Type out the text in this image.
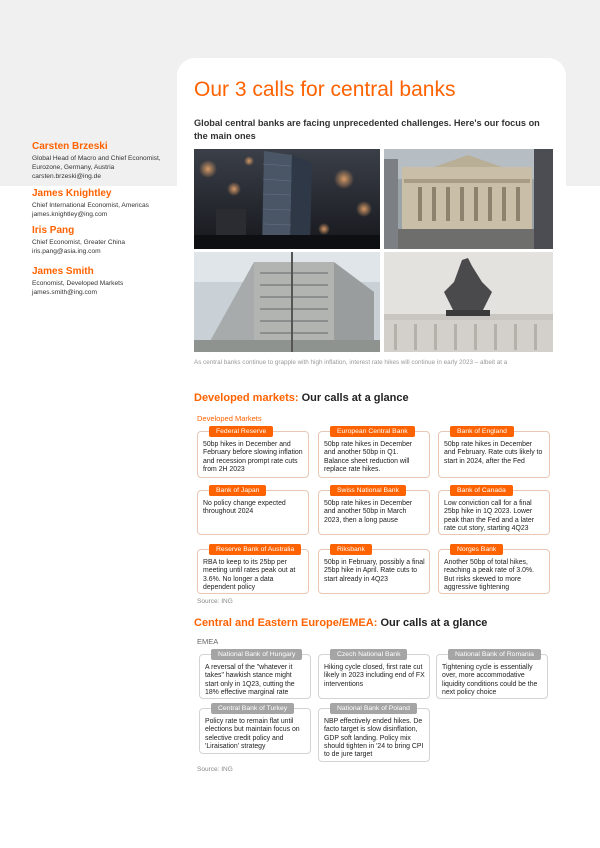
Our 3 calls for central banks
Global central banks are facing unprecedented challenges. Here's our focus on the main ones
Carsten Brzeski
Global Head of Macro and Chief Economist, Eurozone, Germany, Austria
carsten.brzeski@ing.de
James Knightley
Chief International Economist, Americas
james.knightley@ing.com
Iris Pang
Chief Economist, Greater China
iris.pang@asia.ing.com
James Smith
Economist, Developed Markets
james.smith@ing.com
As central banks continue to grapple with high inflation, interest rate hikes will continue in early 2023 – albeit at a
Developed markets: Our calls at a glance
Developed Markets
Federal Reserve
50bp hikes in December and February before slowing inflation and recession prompt rate cuts from 2H 2023
European Central Bank
50bp rate hikes in December and another 50bp in Q1. Balance sheet reduction will replace rate hikes.
Bank of England
50bp rate hikes in December and February. Rate cuts likely to start in 2024, after the Fed
Bank of Japan
No policy change expected throughout 2024
Swiss National Bank
50bp rate hikes in December and another 50bp in March 2023, then a long pause
Bank of Canada
Low conviction call for a final 25bp hike in 1Q 2023. Lower peak than the Fed and a later rate cut story, starting 4Q23
Reserve Bank of Australia
RBA to keep to its 25bp per meeting until rates peak out at 3.6%. No longer a data dependent policy
Riksbank
50bp in February, possibly a final 25bp hike in April. Rate cuts to start already in 4Q23
Norges Bank
Another 50bp of total hikes, reaching a peak rate of 3.0%. But risks skewed to more aggressive tightening
Source: ING
Central and Eastern Europe/EMEA: Our calls at a glance
EMEA
National Bank of Hungary
A reversal of the "whatever it takes" hawkish stance might start only in 1Q23, cutting the 18% effective marginal rate
Czech National Bank
Hiking cycle closed, first rate cut likely in 2023 including end of FX interventions
National Bank of Romania
Tightening cycle is essentially over, more accommodative liquidity conditions could be the next policy choice
Central Bank of Turkey
Policy rate to remain flat until elections but maintain focus on selective credit policy and 'Liraisation' strategy
National Bank of Poland
NBP effectively ended hikes. De facto target is slow disinflation, GDP soft landing. Policy mix should tighten in '24 to bring CPI to de jure target
Source: ING
